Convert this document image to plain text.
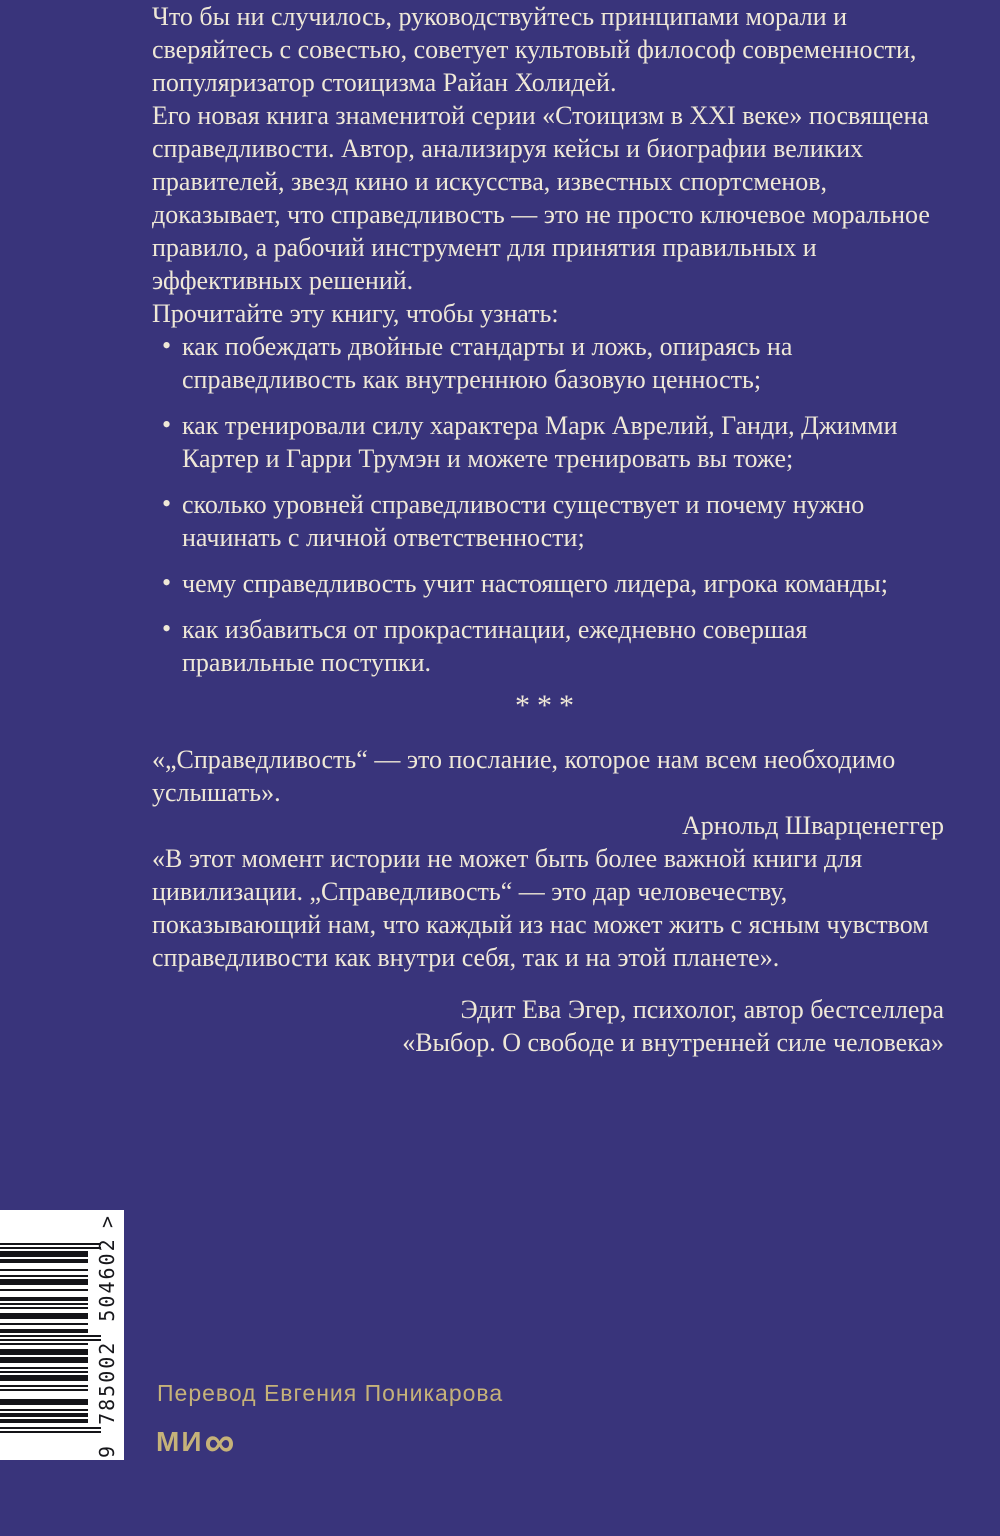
Что бы ни случилось, руководствуйтесь принципами морали и сверяйтесь с совестью, советует культовый философ современности, популяризатор стоицизма Райан Холидей.

Его новая книга знаменитой серии «Стоицизм в XXI веке» посвящена справедливости. Автор, анализируя кейсы и биографии великих правителей, звезд кино и искусства, известных спортсменов, доказывает, что справедливость — это не просто ключевое моральное правило, а рабочий инструмент для принятия правильных и эффективных решений.

Прочитайте эту книгу, чтобы узнать:

• как побеждать двойные стандарты и ложь, опираясь на справедливость как внутреннюю базовую ценность;
• как тренировали силу характера Марк Аврелий, Ганди, Джимми Картер и Гарри Трумэн и можете тренировать вы тоже;
• сколько уровней справедливости существует и почему нужно начинать с личной ответственности;
• чему справедливость учит настоящего лидера, игрока команды;
• как избавиться от прокрастинации, ежедневно совершая правильные поступки.
***

«„Справедливость“ — это послание, которое нам всем необходимо услышать».

Арнольд Шварценеггер

«В этот момент истории не может быть более важной книги для цивилизации. „Справедливость“ — это дар человечеству, показывающий нам, что каждый из нас может жить с ясным чувством справедливости как внутри себя, так и на этой планете».

Эдит Ева Эгер, психолог, автор бестселлера
«Выбор. О свободе и внутренней силе человека»

9 785002 504602
>
Перевод Евгения Поникарова
МИ∞
